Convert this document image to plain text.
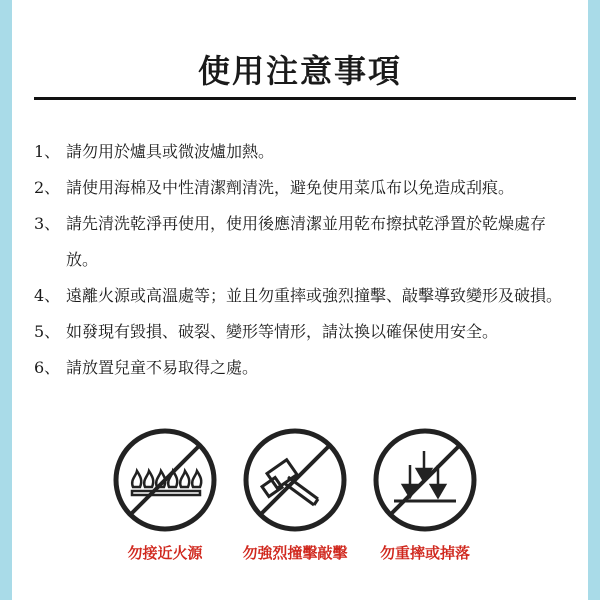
使用注意事項
1、 請勿用於爐具或微波爐加熱。
2、 請使用海棉及中性清潔劑清洗，避免使用菜瓜布以免造成刮痕。
3、 請先清洗乾淨再使用，使用後應清潔並用乾布擦拭乾淨置於乾燥處存放。
4、 遠離火源或高溫處等；並且勿重摔或強烈撞擊、敲擊導致變形及破損。
5、 如發現有毀損、破裂、變形等情形，請汰換以確保使用安全。
6、 請放置兒童不易取得之處。
勿接近火源	勿強烈撞擊敲擊	勿重摔或掉落
